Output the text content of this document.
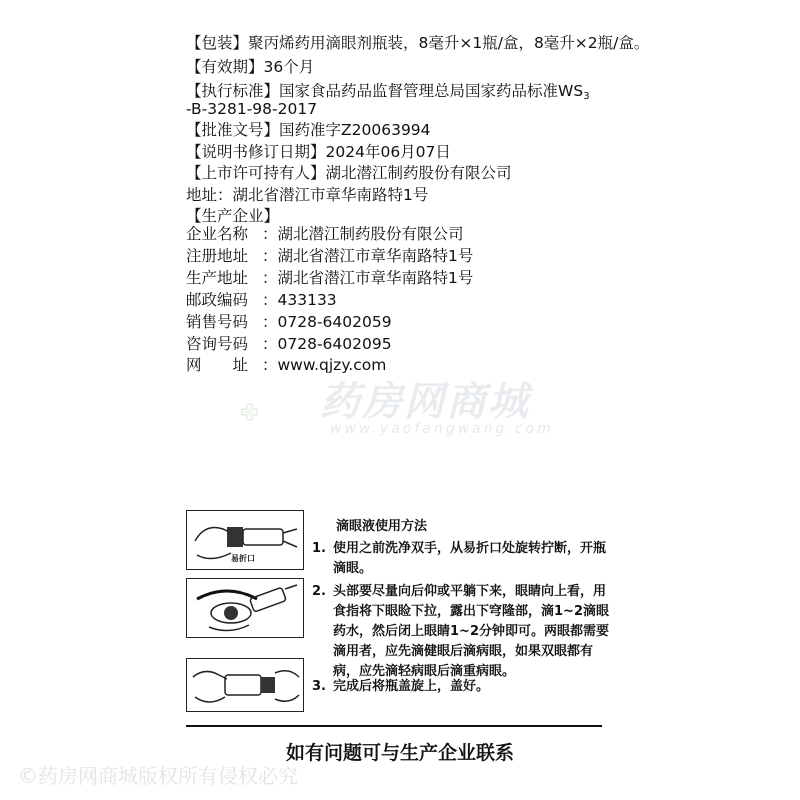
【包装】聚丙烯药用滴眼剂瓶装，8毫升×1瓶/盒，8毫升×2瓶/盒。
【有效期】36个月
【执行标准】国家食品药品监督管理总局国家药品标准$WS_3$
-B-3281-98-2017
【批准文号】国药准字Z20063994
【说明书修订日期】2024年06月07日
【上市许可持有人】湖北潜江制药股份有限公司
地址：湖北省潜江市章华南路特1号
【生产企业】
企业名称 ：湖北潜江制药股份有限公司
注册地址 ：湖北省潜江市章华南路特1号
生产地址 ：湖北省潜江市章华南路特1号
邮政编码 ：433133
销售号码 ：0728-6402059
咨询号码 ：0728-6402095
网　　址 ：www.qjzy.com
药房网商城
www.yaofangwang.com
易折口
滴眼液使用方法
1. 使用之前洗净双手，从易折口处旋转拧断，开瓶滴眼。
2. 头部要尽量向后仰或平躺下来，眼睛向上看，用食指将下眼睑下拉，露出下穹隆部，滴1~2滴眼药水，然后闭上眼睛1~2分钟即可。两眼都需要滴用者，应先滴健眼后滴病眼，如果双眼都有病，应先滴轻病眼后滴重病眼。
3. 完成后将瓶盖旋上，盖好。
如有问题可与生产企业联系
©药房网商城版权所有侵权必究
